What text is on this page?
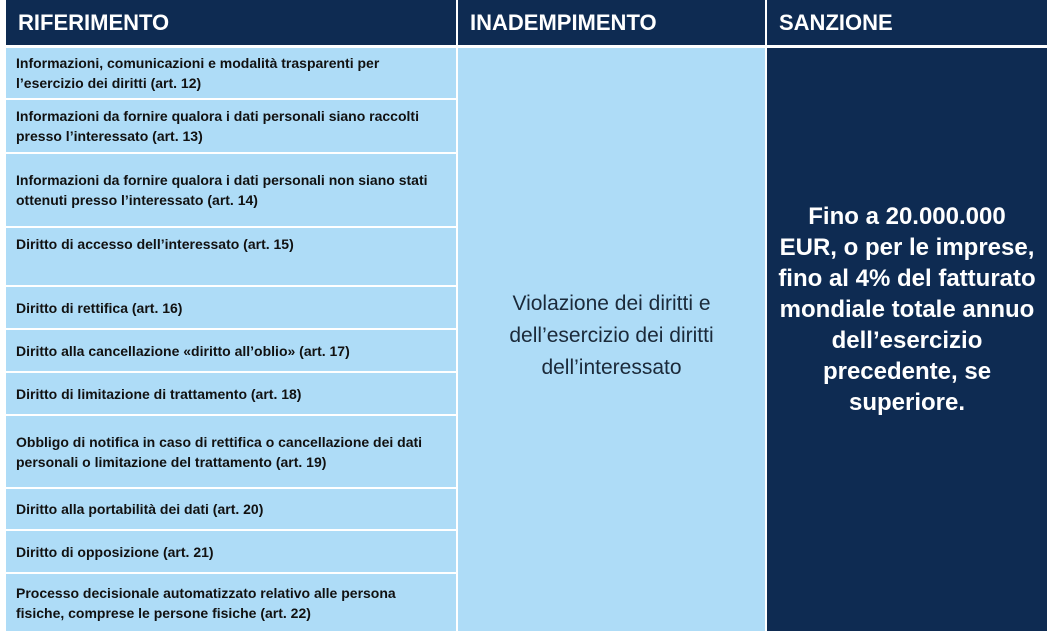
RIFERIMENTO	INADEMPIMENTO	SANZIONE
Informazioni, comunicazioni e modalità trasparenti per l’esercizio dei diritti (art. 12)
Informazioni da fornire qualora i dati personali siano raccolti presso l’interessato (art. 13)
Informazioni da fornire qualora i dati personali non siano stati ottenuti presso l’interessato (art. 14)
Diritto di accesso dell’interessato (art. 15)
Diritto di rettifica (art. 16)
Diritto alla cancellazione «diritto all’oblio» (art. 17)
Diritto di limitazione di trattamento (art. 18)
Obbligo di notifica in caso di rettifica o cancellazione dei dati personali o limitazione del trattamento (art. 19)
Diritto alla portabilità dei dati (art. 20)
Diritto di opposizione (art. 21)
Processo decisionale automatizzato relativo alle persona fisiche, comprese le persone fisiche (art. 22)
Violazione dei diritti e dell’esercizio dei diritti dell’interessato
Fino a 20.000.000 EUR, o per le imprese, fino al 4% del fatturato mondiale totale annuo dell’esercizio precedente, se superiore.
